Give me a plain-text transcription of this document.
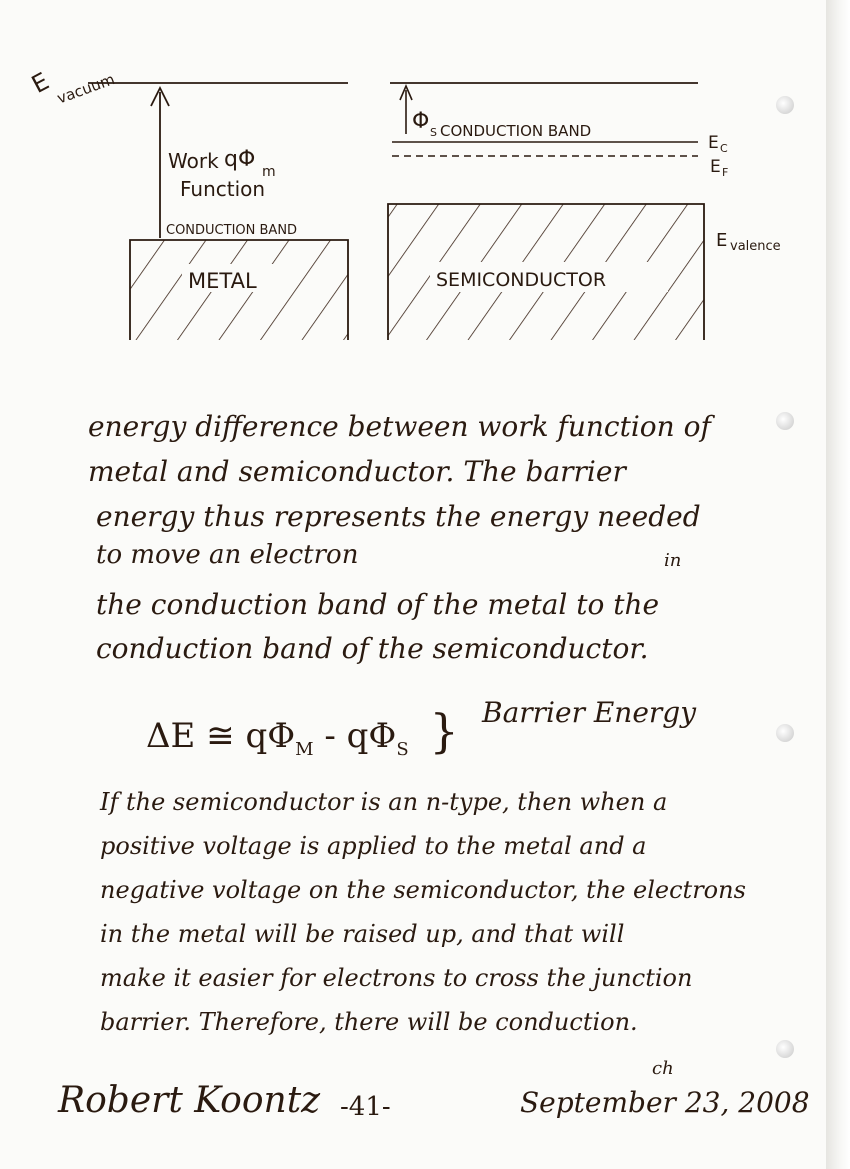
E vacuum
Work qΦ m
Function
CONDUCTION BAND
METAL
Φ S CONDUCTION BAND
E C
E F
SEMICONDUCTOR
E valence

energy difference between work function of

metal and semiconductor. The barrier

energy thus represents the energy needed

to move an electron	in

the conduction band of the metal to the

conduction band of the semiconductor.

ΔE ≅ $q\Phi_M - q\Phi_S$ } Barrier Energy

If the semiconductor is an n-type, then when a

positive voltage is applied to the metal and a

negative voltage on the semiconductor, the electrons

in the metal will be raised up, and that will

make it easier for electrons to cross the junction

barrier. Therefore, there will be conduction.

Robert Koontz -41-	September 23, 2008

ch
